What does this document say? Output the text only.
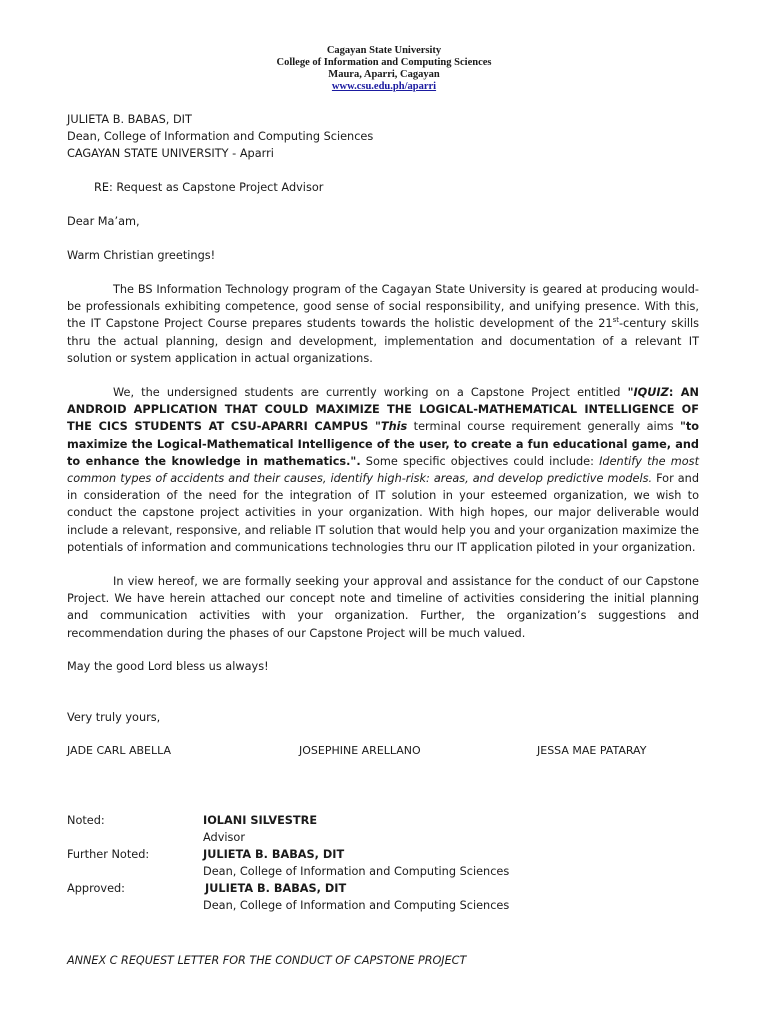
Cagayan State University
College of Information and Computing Sciences
Maura, Aparri, Cagayan
www.csu.edu.ph/aparri
JULIETA B. BABAS, DIT
Dean, College of Information and Computing Sciences
CAGAYAN STATE UNIVERSITY - Aparri
RE: Request as Capstone Project Advisor
Dear Ma’am,
Warm Christian greetings!
The BS Information Technology program of the Cagayan State University is geared at producing would-be professionals exhibiting competence, good sense of social responsibility, and unifying presence. With this, the IT Capstone Project Course prepares students towards the holistic development of the 21st-century skills thru the actual planning, design and development, implementation and documentation of a relevant IT solution or system application in actual organizations.
We, the undersigned students are currently working on a Capstone Project entitled "IQUIZ: AN ANDROID APPLICATION THAT COULD MAXIMIZE THE LOGICAL-MATHEMATICAL INTELLIGENCE OF THE CICS STUDENTS AT CSU-APARRI CAMPUS "This terminal course requirement generally aims "to maximize the Logical-Mathematical Intelligence of the user, to create a fun educational game, and to enhance the knowledge in mathematics.". Some specific objectives could include: Identify the most common types of accidents and their causes, identify high-risk: areas, and develop predictive models. For and in consideration of the need for the integration of IT solution in your esteemed organization, we wish to conduct the capstone project activities in your organization. With high hopes, our major deliverable would include a relevant, responsive, and reliable IT solution that would help you and your organization maximize the potentials of information and communications technologies thru our IT application piloted in your organization.
In view hereof, we are formally seeking your approval and assistance for the conduct of our Capstone Project. We have herein attached our concept note and timeline of activities considering the initial planning and communication activities with your organization. Further, the organization’s suggestions and recommendation during the phases of our Capstone Project will be much valued.
May the good Lord bless us always!
Very truly yours,
JADE CARL ABELLA	JOSEPHINE ARELLANO	JESSA MAE PATARAY
Noted:	IOLANI SILVESTRE
Advisor
Further Noted:	JULIETA B. BABAS, DIT
Dean, College of Information and Computing Sciences
Approved:	JULIETA B. BABAS, DIT
Dean, College of Information and Computing Sciences
ANNEX C REQUEST LETTER FOR THE CONDUCT OF CAPSTONE PROJECT
